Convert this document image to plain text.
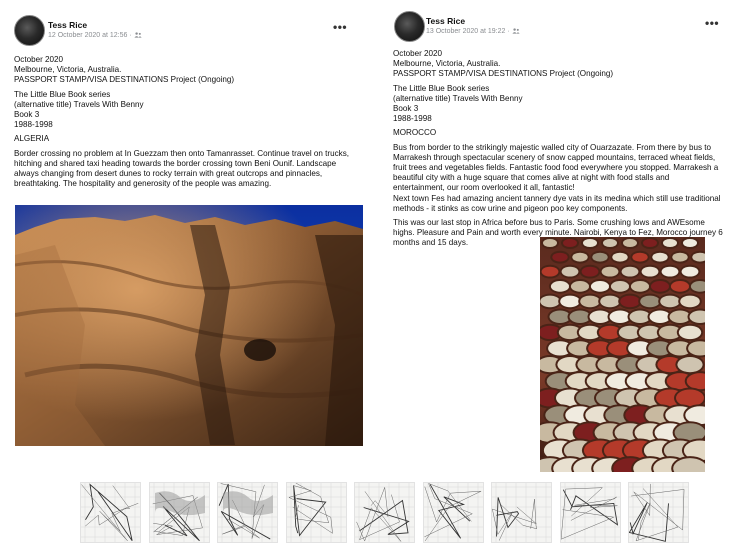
Tess Rice
12 October 2020 at 12:56 ·
•••

October 2020
Melbourne, Victoria, Australia.
PASSPORT STAMP/VISA DESTINATIONS Project (Ongoing)

The Little Blue Book series
(alternative title) Travels With Benny
Book 3
1988-1998

ALGERIA

Border crossing no problem at In Guezzam then onto Tamanrasset. Continue travel on trucks, hitching and shared taxi heading towards the border crossing town Beni Ounif. Landscape always changing from desert dunes to rocky terrain with great outcrops and pinnacles, breathtaking. The hospitality and generosity of the people was amazing.

Tess Rice
13 October 2020 at 19:22 ·
•••

October 2020
Melbourne, Victoria, Australia.
PASSPORT STAMP/VISA DESTINATIONS Project (Ongoing)

The Little Blue Book series
(alternative title) Travels With Benny
Book 3
1988-1998

MOROCCO

Bus from border to the strikingly majestic walled city of Ouarzazate. From there by bus to Marrakesh through spectacular scenery of snow capped mountains, terraced wheat fields, fruit trees and vegetables fields. Fantastic food food everywhere you stopped. Marrakesh a beautiful city with a huge square that comes alive at night with food stalls and entertainment, our room overlooked it all, fantastic!
Next town Fes had amazing ancient tannery dye vats in its medina which still use traditional methods - it stinks as cow urine and pigeon poo key components.

This was our last stop in Africa before bus to Paris. Some crushing lows and AWEsome highs. Pleasure and Pain and worth every minute. Nairobi, Kenya to Fez, Morocco journey 6 months and 15 days.
